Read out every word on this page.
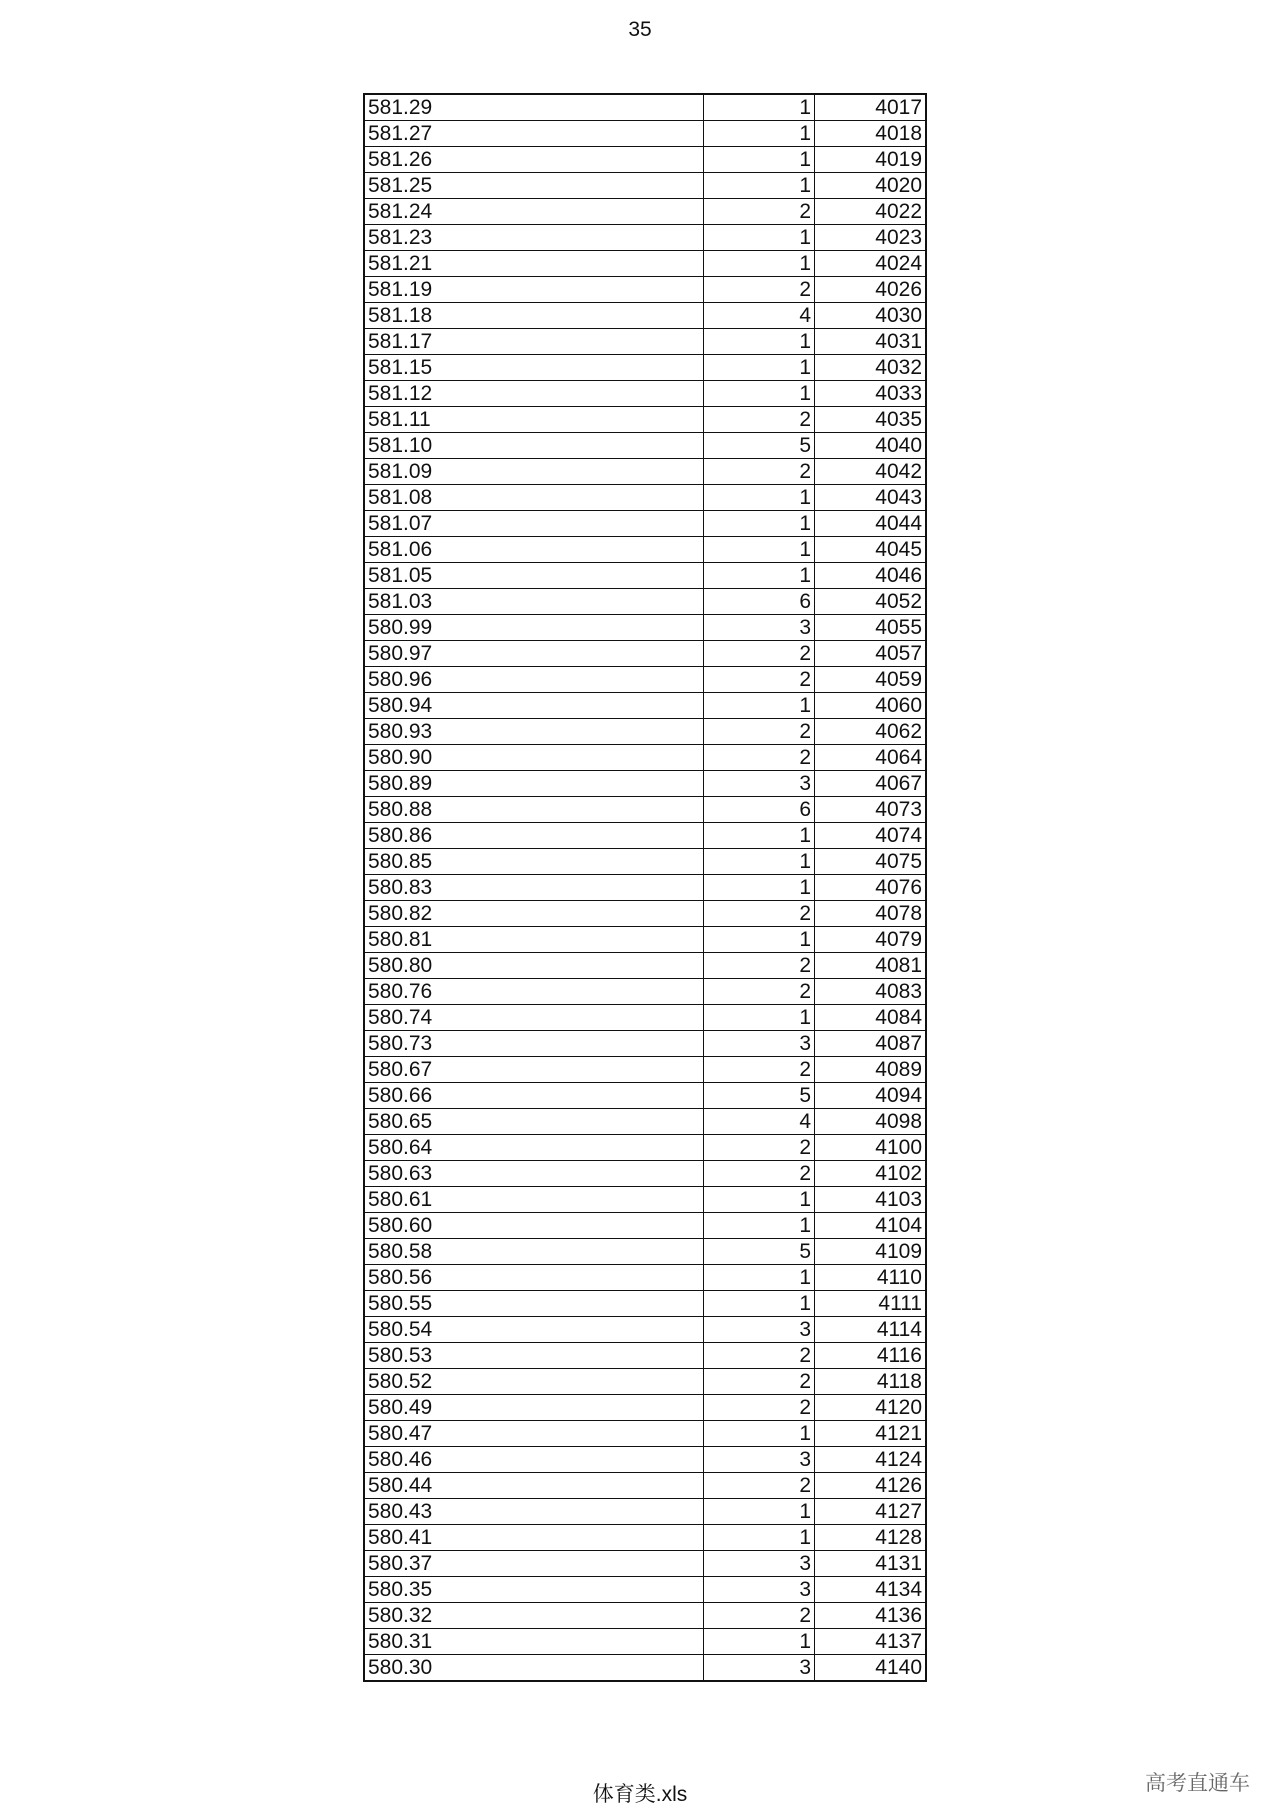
35
581.29	1	4017
581.27	1	4018
581.26	1	4019
581.25	1	4020
581.24	2	4022
581.23	1	4023
581.21	1	4024
581.19	2	4026
581.18	4	4030
581.17	1	4031
581.15	1	4032
581.12	1	4033
581.11	2	4035
581.10	5	4040
581.09	2	4042
581.08	1	4043
581.07	1	4044
581.06	1	4045
581.05	1	4046
581.03	6	4052
580.99	3	4055
580.97	2	4057
580.96	2	4059
580.94	1	4060
580.93	2	4062
580.90	2	4064
580.89	3	4067
580.88	6	4073
580.86	1	4074
580.85	1	4075
580.83	1	4076
580.82	2	4078
580.81	1	4079
580.80	2	4081
580.76	2	4083
580.74	1	4084
580.73	3	4087
580.67	2	4089
580.66	5	4094
580.65	4	4098
580.64	2	4100
580.63	2	4102
580.61	1	4103
580.60	1	4104
580.58	5	4109
580.56	1	4110
580.55	1	4111
580.54	3	4114
580.53	2	4116
580.52	2	4118
580.49	2	4120
580.47	1	4121
580.46	3	4124
580.44	2	4126
580.43	1	4127
580.41	1	4128
580.37	3	4131
580.35	3	4134
580.32	2	4136
580.31	1	4137
580.30	3	4140
体育类.xls	高考直通车
